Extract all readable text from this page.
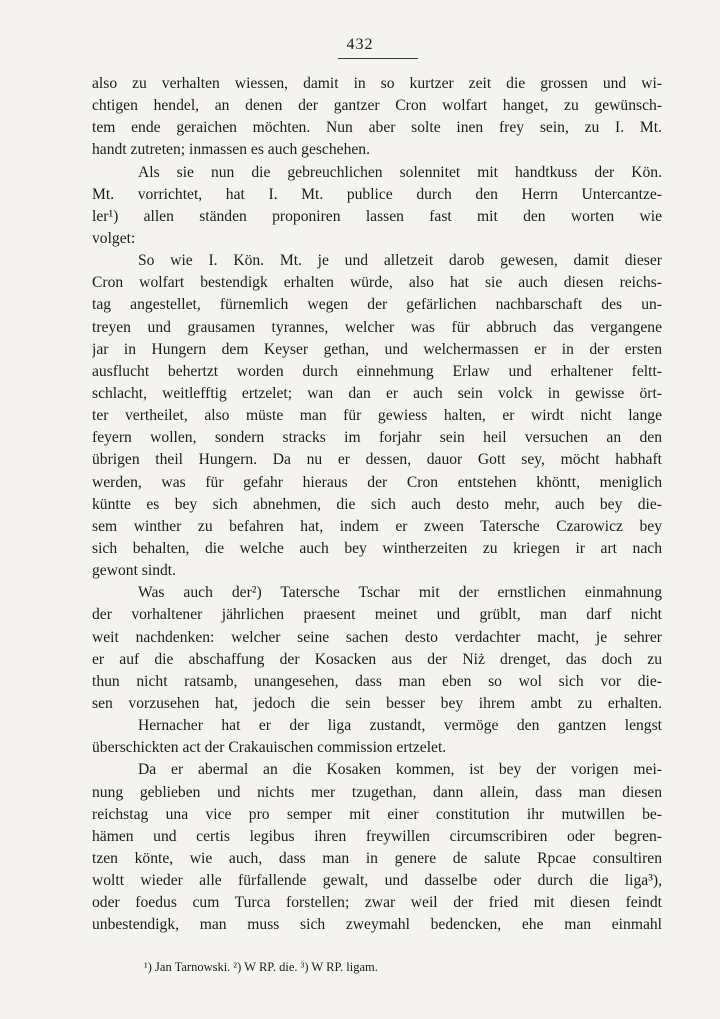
432
also zu verhalten wiessen, damit in so kurtzer zeit die grossen und wi-
chtigen hendel, an denen der gantzer Cron wolfart hanget, zu gewünsch-
tem ende geraichen möchten. Nun aber solte inen frey sein, zu I. Mt.
handt zutreten; inmassen es auch geschehen.
Als sie nun die gebreuchlichen solennitet mit handtkuss der Kön.
Mt. vorrichtet, hat I. Mt. publice durch den Herrn Untercantze-
ler¹) allen ständen proponiren lassen fast mit den worten wie
volget:
So wie I. Kön. Mt. je und alletzeit darob gewesen, damit dieser
Cron wolfart bestendigk erhalten würde, also hat sie auch diesen reichs-
tag angestellet, fürnemlich wegen der gefärlichen nachbarschaft des un-
treyen und grausamen tyrannes, welcher was für abbruch das vergangene
jar in Hungern dem Keyser gethan, und welchermassen er in der ersten
ausflucht behertzt worden durch einnehmung Erlaw und erhaltener feltt-
schlacht, weitlefftig ertzelet; wan dan er auch sein volck in gewisse ört-
ter vertheilet, also müste man für gewiess halten, er wirdt nicht lange
feyern wollen, sondern stracks im forjahr sein heil versuchen an den
übrigen theil Hungern. Da nu er dessen, dauor Gott sey, möcht habhaft
werden, was für gefahr hieraus der Cron entstehen khöntt, meniglich
küntte es bey sich abnehmen, die sich auch desto mehr, auch bey die-
sem winther zu befahren hat, indem er zween Tatersche Czarowicz bey
sich behalten, die welche auch bey wintherzeiten zu kriegen ir art nach
gewont sindt.
Was auch der²) Tatersche Tschar mit der ernstlichen einmahnung
der vorhaltener jährlichen praesent meinet und grüblt, man darf nicht
weit nachdenken: welcher seine sachen desto verdachter macht, je sehrer
er auf die abschaffung der Kosacken aus der Niż drenget, das doch zu
thun nicht ratsamb, unangesehen, dass man eben so wol sich vor die-
sen vorzusehen hat, jedoch die sein besser bey ihrem ambt zu erhalten.
Hernacher hat er der liga zustandt, vermöge den gantzen lengst
überschickten act der Crakauischen commission ertzelet.
Da er abermal an die Kosaken kommen, ist bey der vorigen mei-
nung geblieben und nichts mer tzugethan, dann allein, dass man diesen
reichstag una vice pro semper mit einer constitution ihr mutwillen be-
hämen und certis legibus ihren freywillen circumscribiren oder begren-
tzen könte, wie auch, dass man in genere de salute Rpcae consultiren
woltt wieder alle fürfallende gewalt, und dasselbe oder durch die liga³),
oder foedus cum Turca forstellen; zwar weil der fried mit diesen feindt
unbestendigk, man muss sich zweymahl bedencken, ehe man einmahl
¹) Jan Tarnowski. ²) W RP. die. ³) W RP. ligam.
